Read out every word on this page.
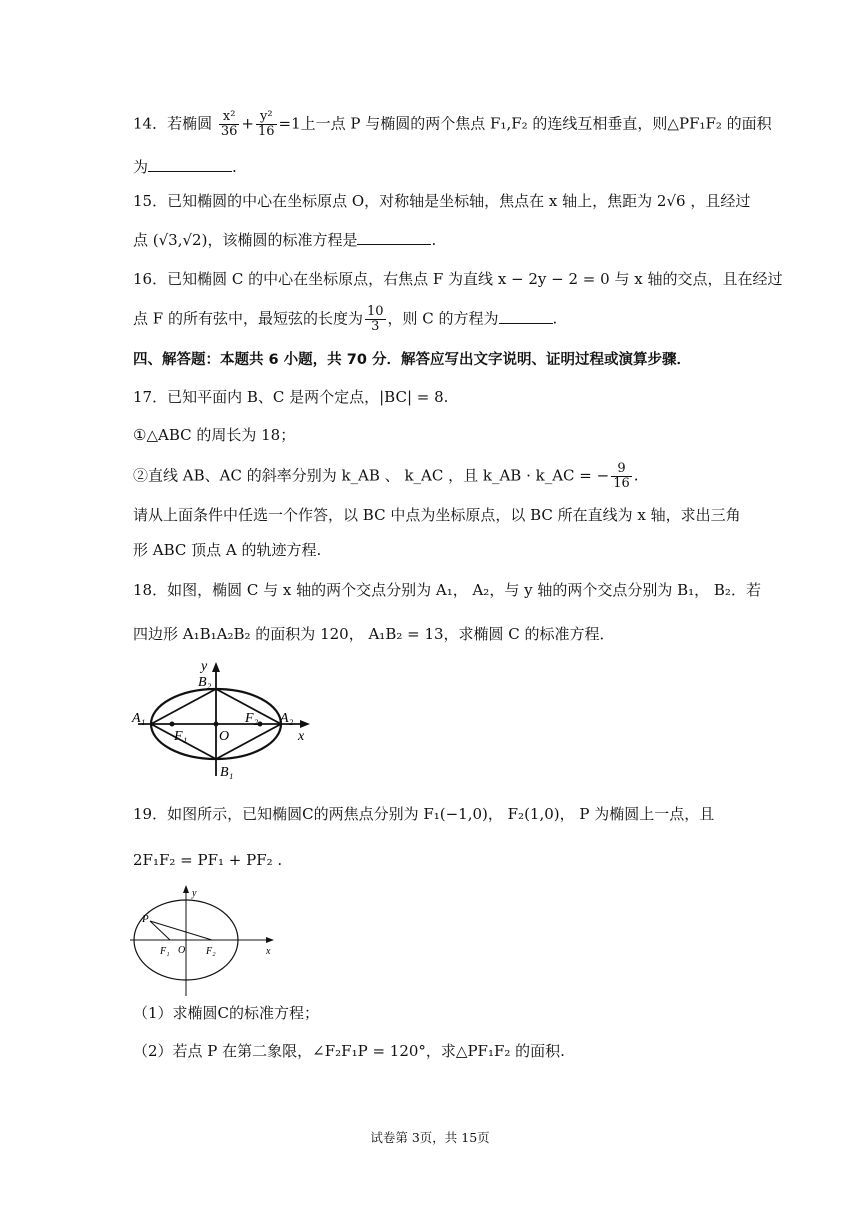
14．若椭圆 $\frac{\text{x²}}{36} + \frac{\text{y²}}{16} =1$上一点 P 与椭圆的两个焦点 F₁,F₂ 的连线互相垂直，则△PF₁F₂ 的面积
为	.
15．已知椭圆的中心在坐标原点 O，对称轴是坐标轴，焦点在 x 轴上，焦距为 2√6 ，且经过
点 (√3,√2)，该椭圆的标准方程是	.
16．已知椭圆 C 的中心在坐标原点，右焦点 F 为直线 x − 2y − 2 = 0 与 x 轴的交点，且在经过
点 F 的所有弦中，最短弦的长度为 $\frac{10}{3}$ ，则 C 的方程为	.
四、解答题：本题共 6 小题，共 70 分．解答应写出文字说明、证明过程或演算步骤．
17．已知平面内 B、C 是两个定点，|BC| = 8.
①△ABC 的周长为 18；
②直线 AB、AC 的斜率分别为 k_AB 、 k_AC ，且 k_AB · k_AC = − $\frac{9}{16}$ .
请从上面条件中任选一个作答，以 BC 中点为坐标原点，以 BC 所在直线为 x 轴，求出三角
形 ABC 顶点 A 的轨迹方程.
18．如图，椭圆 C 与 x 轴的两个交点分别为 A₁， A₂，与 y 轴的两个交点分别为 B₁， B₂．若
四边形 A₁B₁A₂B₂ 的面积为 120， A₁B₂ = 13，求椭圆 C 的标准方程．
y
B₂
A₁	A₂
F₁
F₂
O	x
B₁
19．如图所示，已知椭圆C的两焦点分别为 F₁(−1,0)， F₂(1,0)， P 为椭圆上一点，且
2F₁F₂ = PF₁ + PF₂ .
y
P
F₁ O F₂	x
（1）求椭圆C的标准方程；
（2）若点 P 在第二象限，∠F₂F₁P = 120°，求△PF₁F₂ 的面积.
试卷第 3页，共 15页
